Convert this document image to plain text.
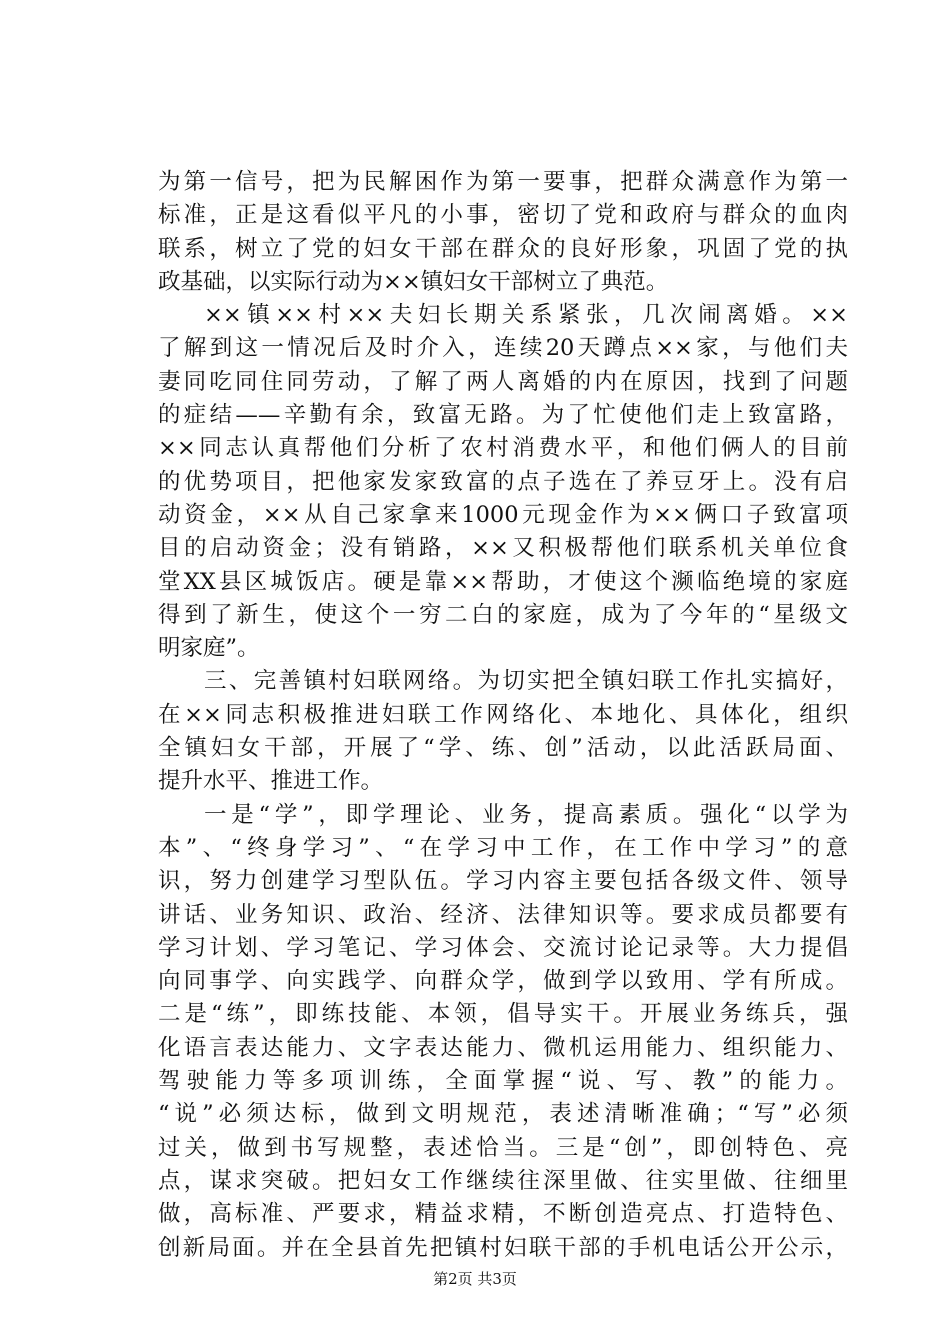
为第一信号，把为民解困作为第一要事，把群众满意作为第一
标准，正是这看似平凡的小事，密切了党和政府与群众的血肉
联系，树立了党的妇女干部在群众的良好形象，巩固了党的执
政基础，以实际行动为××镇妇女干部树立了典范。
××镇××村××夫妇长期关系紧张，几次闹离婚。××
了解到这一情况后及时介入，连续20天蹲点××家，与他们夫
妻同吃同住同劳动，了解了两人离婚的内在原因，找到了问题
的症结——辛勤有余，致富无路。为了忙使他们走上致富路，
××同志认真帮他们分析了农村消费水平，和他们俩人的目前
的优势项目，把他家发家致富的点子选在了养豆牙上。没有启
动资金，××从自己家拿来1000元现金作为××俩口子致富项
目的启动资金；没有销路，××又积极帮他们联系机关单位食
堂XX县区城饭店。硬是靠××帮助，才使这个濒临绝境的家庭
得到了新生，使这个一穷二白的家庭，成为了今年的“星级文
明家庭”。
三、完善镇村妇联网络。为切实把全镇妇联工作扎实搞好，
在××同志积极推进妇联工作网络化、本地化、具体化，组织
全镇妇女干部，开展了“学、练、创”活动，以此活跃局面、
提升水平、推进工作。
一是“学”，即学理论、业务，提高素质。强化“以学为
本”、“终身学习”、“在学习中工作，在工作中学习”的意
识，努力创建学习型队伍。学习内容主要包括各级文件、领导
讲话、业务知识、政治、经济、法律知识等。要求成员都要有
学习计划、学习笔记、学习体会、交流讨论记录等。大力提倡
向同事学、向实践学、向群众学，做到学以致用、学有所成。
二是“练”，即练技能、本领，倡导实干。开展业务练兵，强
化语言表达能力、文字表达能力、微机运用能力、组织能力、
驾驶能力等多项训练，全面掌握“说、写、教”的能力。
“说”必须达标，做到文明规范，表述清晰准确；“写”必须
过关，做到书写规整，表述恰当。三是“创”，即创特色、亮
点，谋求突破。把妇女工作继续往深里做、往实里做、往细里
做，高标准、严要求，精益求精，不断创造亮点、打造特色、
创新局面。并在全县首先把镇村妇联干部的手机电话公开公示，
第2页 共3页
